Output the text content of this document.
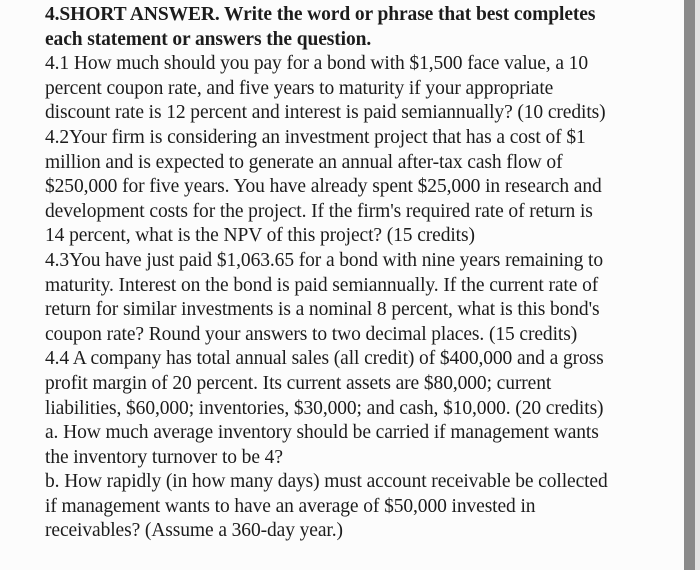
4.SHORT ANSWER. Write the word or phrase that best completes
each statement or answers the question.
4.1 How much should you pay for a bond with $1,500 face value, a 10
percent coupon rate, and five years to maturity if your appropriate
discount rate is 12 percent and interest is paid semiannually? (10 credits)
4.2Your firm is considering an investment project that has a cost of $1
million and is expected to generate an annual after-tax cash flow of
$250,000 for five years. You have already spent $25,000 in research and
development costs for the project. If the firm's required rate of return is
14 percent, what is the NPV of this project? (15 credits)
4.3You have just paid $1,063.65 for a bond with nine years remaining to
maturity. Interest on the bond is paid semiannually. If the current rate of
return for similar investments is a nominal 8 percent, what is this bond's
coupon rate? Round your answers to two decimal places. (15 credits)
4.4 A company has total annual sales (all credit) of $400,000 and a gross
profit margin of 20 percent. Its current assets are $80,000; current
liabilities, $60,000; inventories, $30,000; and cash, $10,000. (20 credits)
a. How much average inventory should be carried if management wants
the inventory turnover to be 4?
b. How rapidly (in how many days) must account receivable be collected
if management wants to have an average of $50,000 invested in
receivables? (Assume a 360-day year.)
